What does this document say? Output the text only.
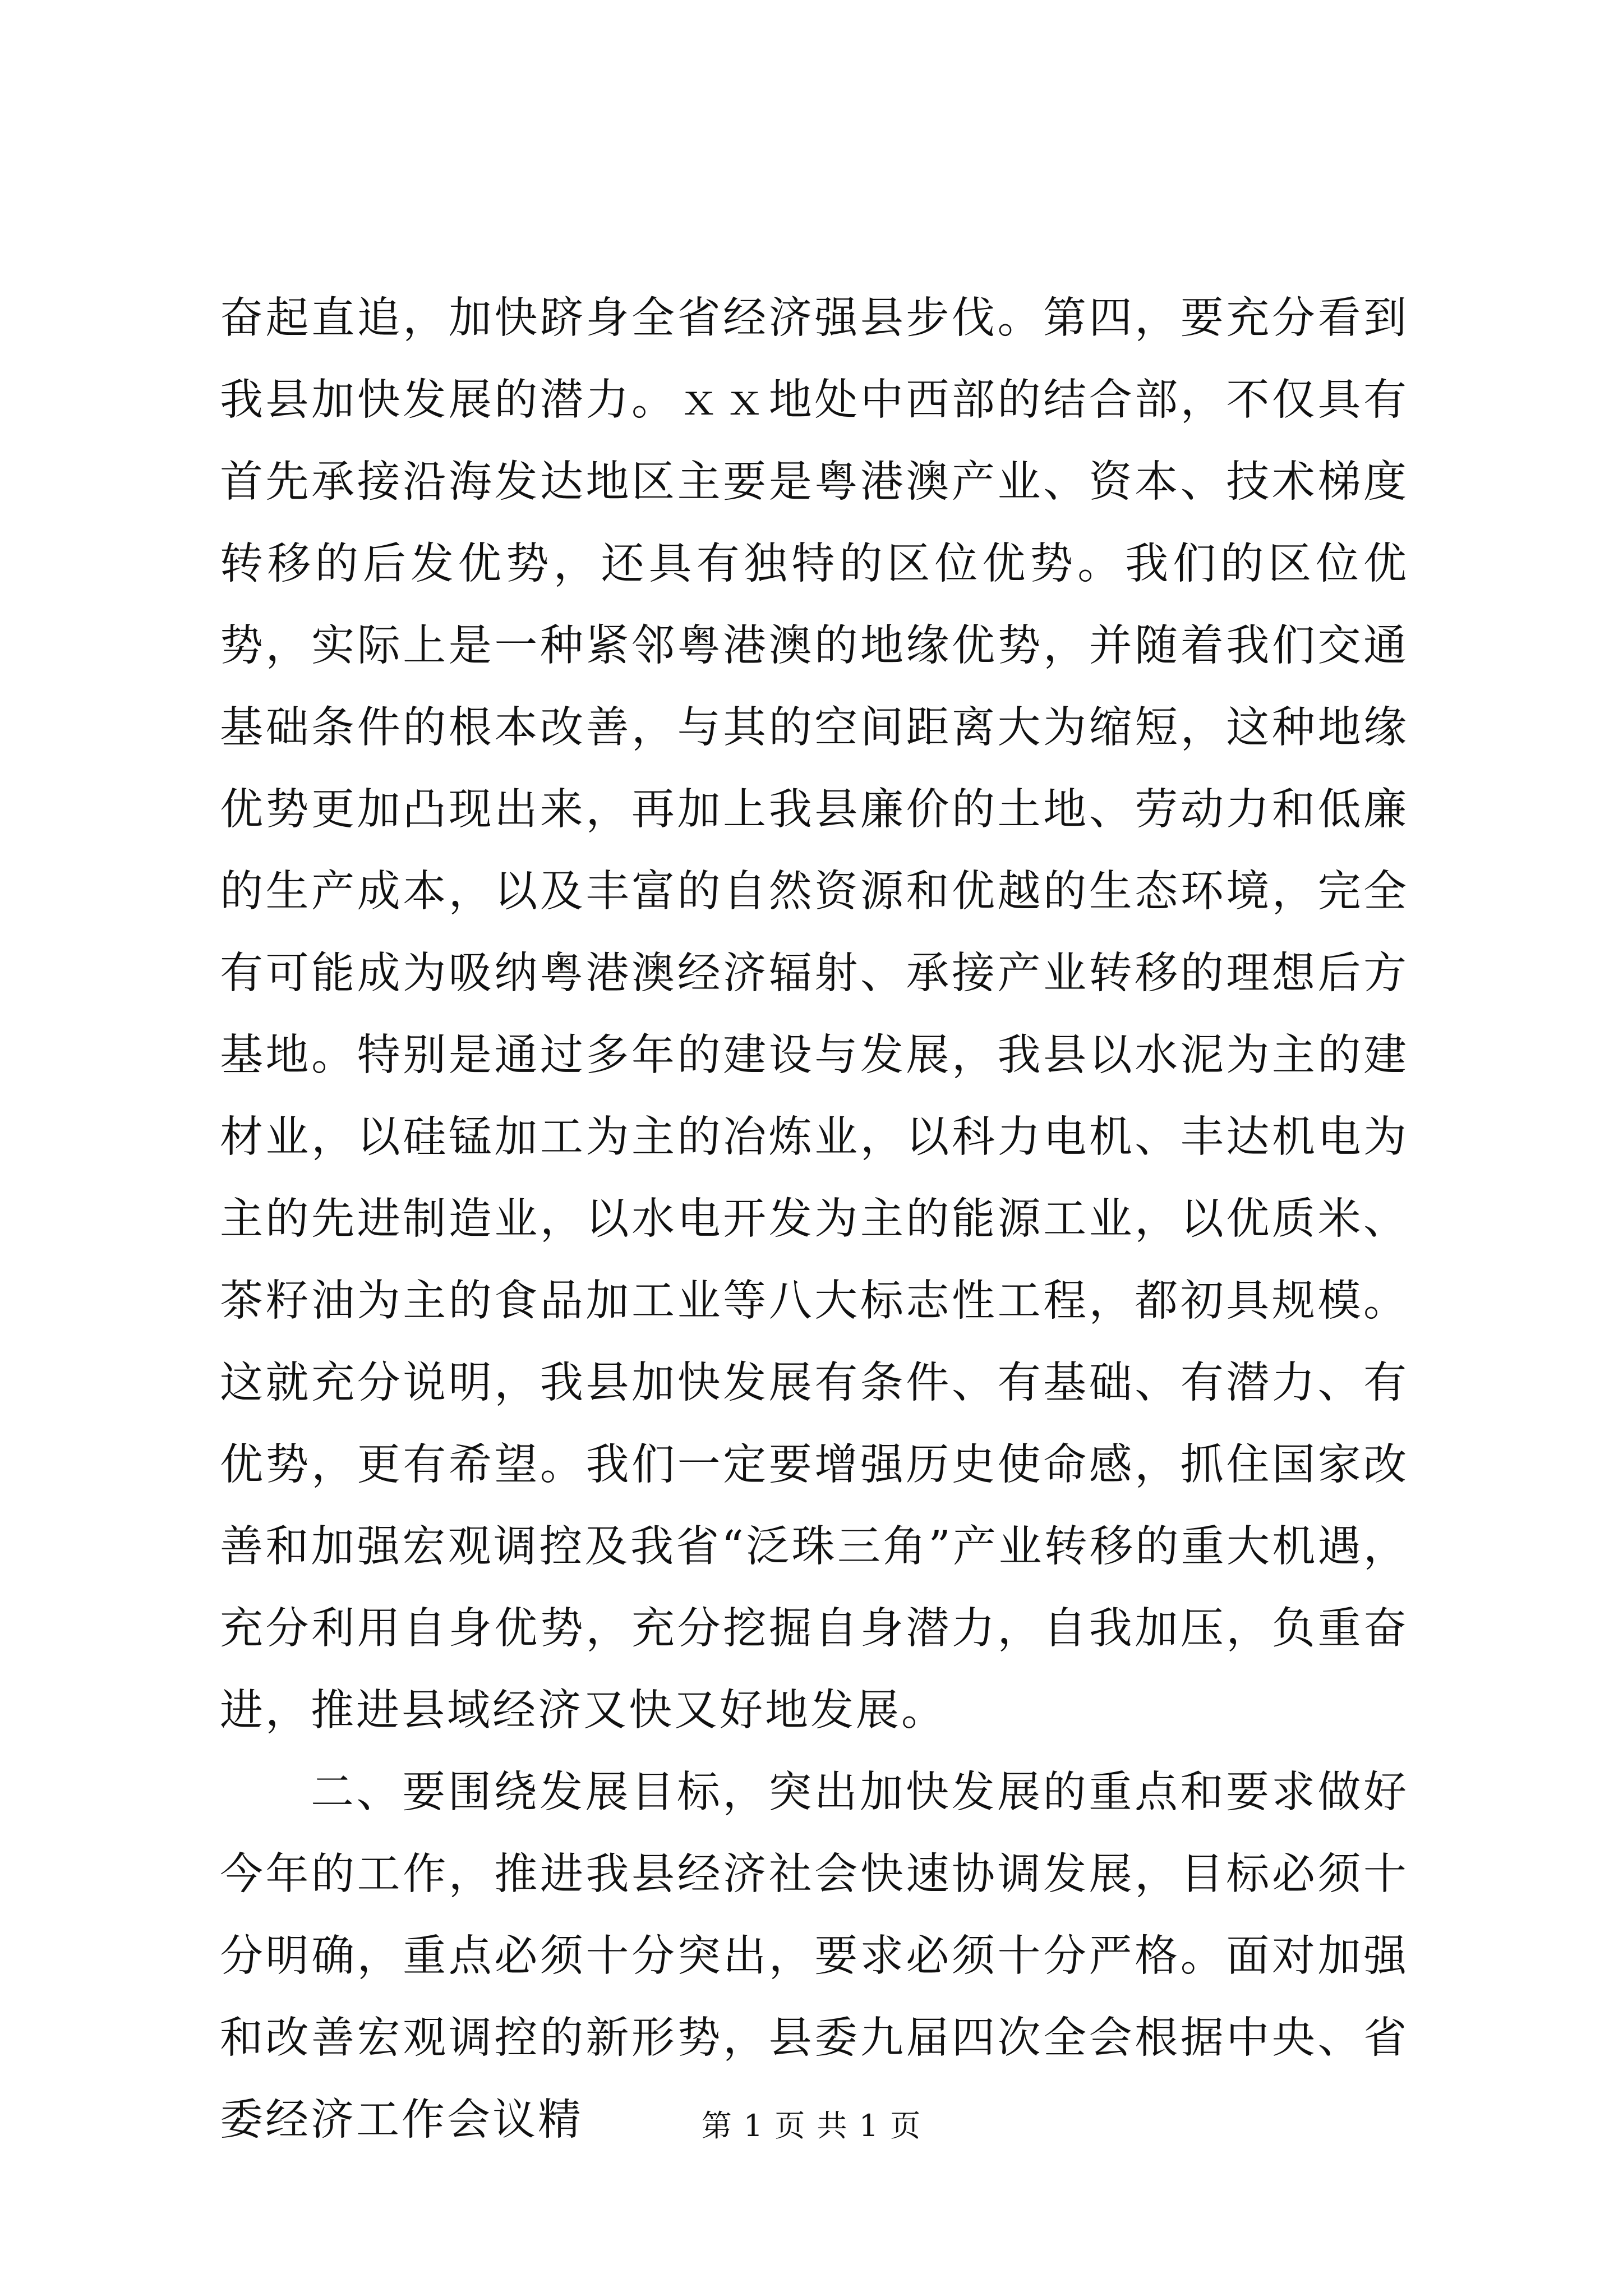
奋起直追，加快跻身全省经济强县步伐。第四，要充分看到我县加快发展的潜力。ｘｘ地处中西部的结合部，不仅具有首先承接沿海发达地区主要是粤港澳产业、资本、技术梯度转移的后发优势，还具有独特的区位优势。我们的区位优势，实际上是一种紧邻粤港澳的地缘优势，并随着我们交通基础条件的根本改善，与其的空间距离大为缩短，这种地缘优势更加凸现出来，再加上我县廉价的土地、劳动力和低廉的生产成本，以及丰富的自然资源和优越的生态环境，完全有可能成为吸纳粤港澳经济辐射、承接产业转移的理想后方基地。特别是通过多年的建设与发展，我县以水泥为主的建材业，以硅锰加工为主的冶炼业，以科力电机、丰达机电为主的先进制造业，以水电开发为主的能源工业，以优质米、茶籽油为主的食品加工业等八大标志性工程，都初具规模。这就充分说明，我县加快发展有条件、有基础、有潜力、有优势，更有希望。我们一定要增强历史使命感，抓住国家改善和加强宏观调控及我省“泛珠三角”产业转移的重大机遇，充分利用自身优势，充分挖掘自身潜力，自我加压，负重奋进，推进县域经济又快又好地发展。

二、要围绕发展目标，突出加快发展的重点和要求做好今年的工作，推进我县经济社会快速协调发展，目标必须十分明确，重点必须十分突出，要求必须十分严格。面对加强和改善宏观调控的新形势，县委九届四次全会根据中央、省委经济工作会议精	第 1 页 共 1 页
